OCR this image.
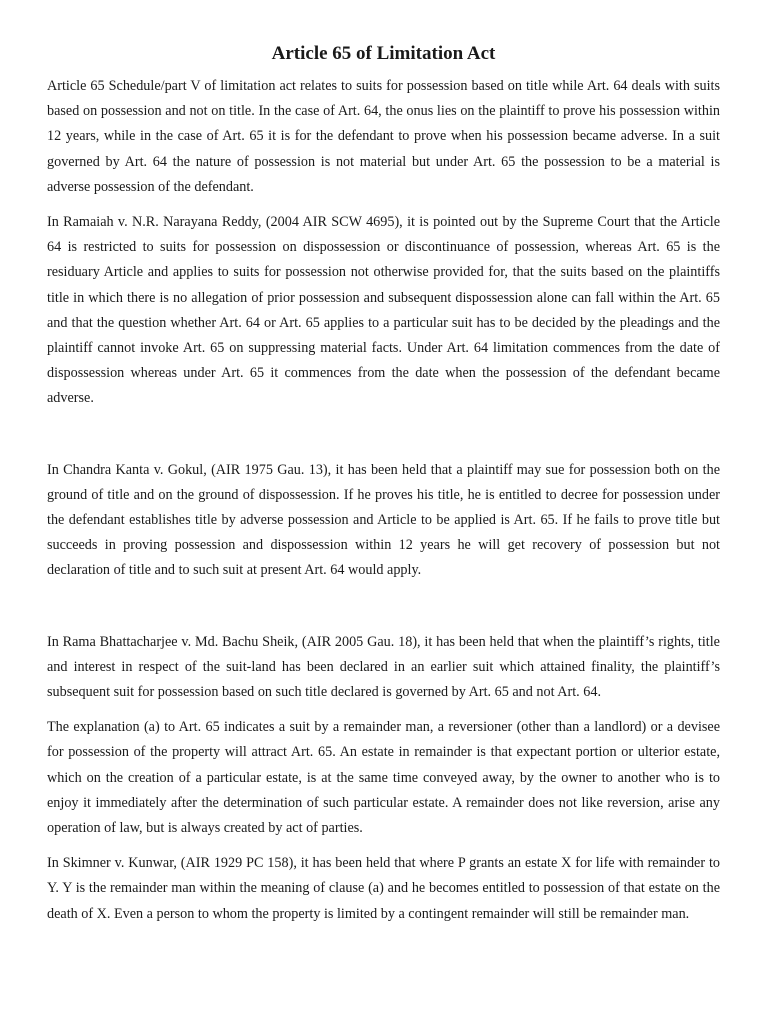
Article 65 of Limitation Act

Article 65 Schedule/part V of limitation act relates to suits for possession based on title while Art. 64 deals with suits based on possession and not on title. In the case of Art. 64, the onus lies on the plaintiff to prove his possession within 12 years, while in the case of Art. 65 it is for the defendant to prove when his possession became adverse. In a suit governed by Art. 64 the nature of possession is not material but under Art. 65 the possession to be a material is adverse possession of the defendant.

In Ramaiah v. N.R. Narayana Reddy, (2004 AIR SCW 4695), it is pointed out by the Supreme Court that the Article 64 is restricted to suits for possession on dispossession or discontinuance of possession, whereas Art. 65 is the residuary Article and applies to suits for possession not otherwise provided for, that the suits based on the plaintiffs title in which there is no allegation of prior possession and subsequent dispossession alone can fall within the Art. 65 and that the question whether Art. 64 or Art. 65 applies to a particular suit has to be decided by the pleadings and the plaintiff cannot invoke Art. 65 on suppressing material facts. Under Art. 64 limitation commences from the date of dispossession whereas under Art. 65 it commences from the date when the possession of the defendant became adverse.

In Chandra Kanta v. Gokul, (AIR 1975 Gau. 13), it has been held that a plaintiff may sue for possession both on the ground of title and on the ground of dispossession. If he proves his title, he is entitled to decree for possession under the defendant establishes title by adverse possession and Article to be applied is Art. 65. If he fails to prove title but succeeds in proving possession and dispossession within 12 years he will get recovery of possession but not declaration of title and to such suit at present Art. 64 would apply.

In Rama Bhattacharjee v. Md. Bachu Sheik, (AIR 2005 Gau. 18), it has been held that when the plaintiff’s rights, title and interest in respect of the suit-land has been declared in an earlier suit which attained finality, the plaintiff’s subsequent suit for possession based on such title declared is governed by Art. 65 and not Art. 64.

The explanation (a) to Art. 65 indicates a suit by a remainder man, a reversioner (other than a landlord) or a devisee for possession of the property will attract Art. 65. An estate in remainder is that expectant portion or ulterior estate, which on the creation of a particular estate, is at the same time conveyed away, by the owner to another who is to enjoy it immediately after the determination of such particular estate. A remainder does not like reversion, arise any operation of law, but is always created by act of parties.

In Skimner v. Kunwar, (AIR 1929 PC 158), it has been held that where P grants an estate X for life with remainder to Y. Y is the remainder man within the meaning of clause (a) and he becomes entitled to possession of that estate on the death of X. Even a person to whom the property is limited by a contingent remainder will still be remainder man.
